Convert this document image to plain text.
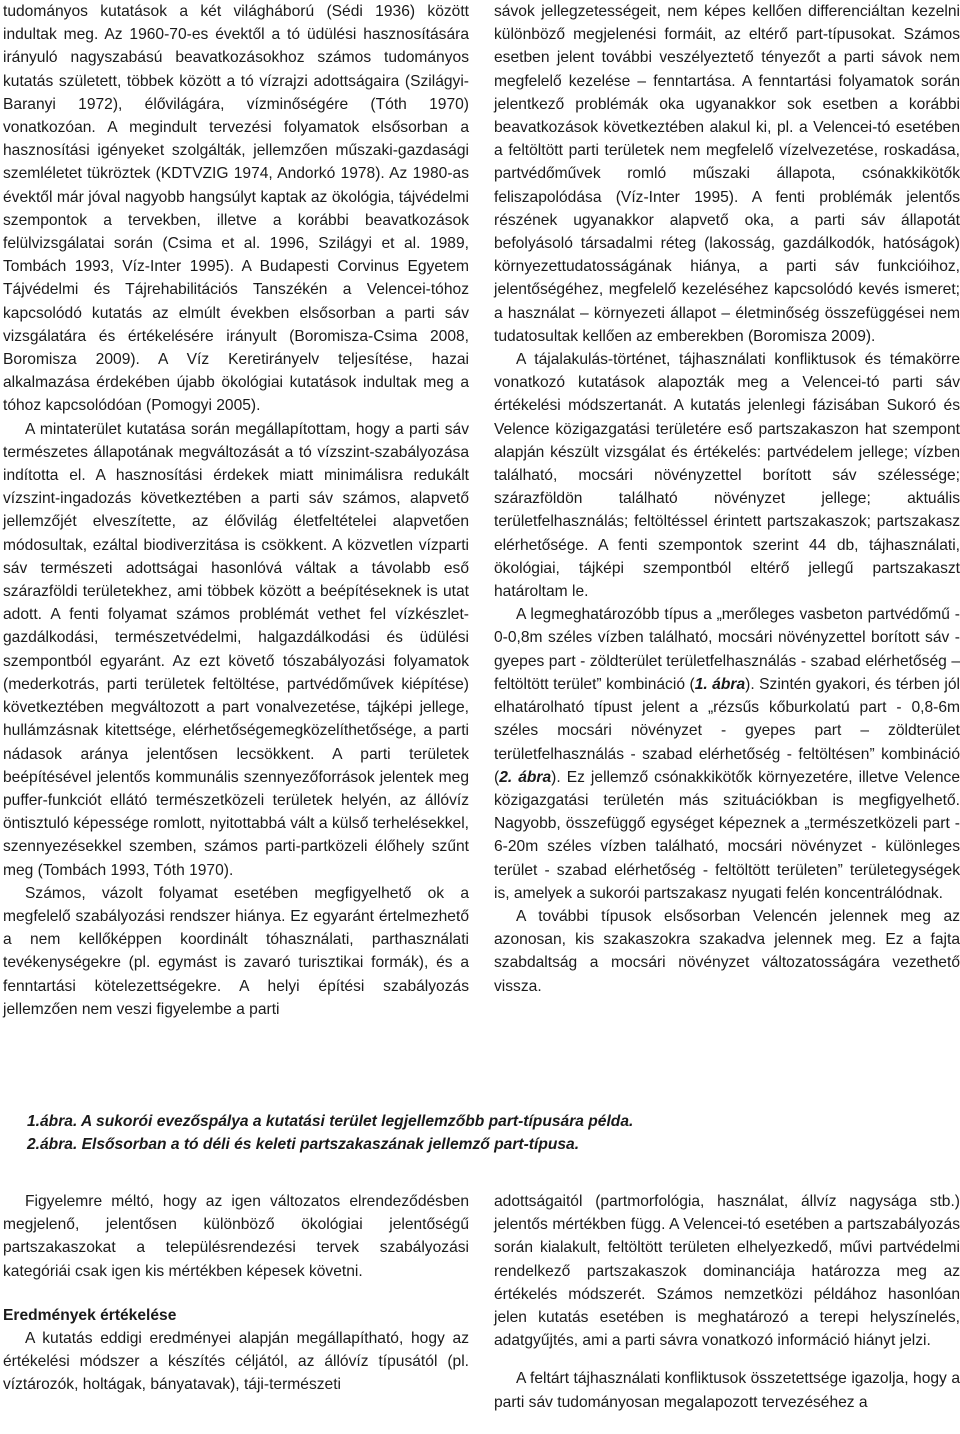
tudományos kutatások a két világháború (Sédi 1936) között indultak meg. Az 1960-70-es évektől a tó üdülési hasznosítására irányuló nagyszabású beavatkozásokhoz számos tudományos kutatás született, többek között a tó vízrajzi adottságaira (Szilágyi-Baranyi 1972), élővilágára, vízminőségére (Tóth 1970) vonatkozóan. A megindult tervezési folyamatok elsősorban a hasznosítási igényeket szolgálták, jellemzően műszaki-gazdasági szemléletet tükröztek (KDTVZIG 1974, Andorkó 1978). Az 1980-as évektől már jóval nagyobb hangsúlyt kaptak az ökológia, tájvédelmi szempontok a tervekben, illetve a korábbi beavatkozások felülvizsgálatai során (Csima et al. 1996, Szilágyi et al. 1989, Tombách 1993, Víz-Inter 1995). A Budapesti Corvinus Egyetem Tájvédelmi és Tájrehabilitációs Tanszékén a Velencei-tóhoz kapcsolódó kutatás az elmúlt években elsősorban a parti sáv vizsgálatára és értékelésére irányult (Boromisza-Csima 2008, Boromisza 2009). A Víz Keretirányelv teljesítése, hazai alkalmazása érdekében újabb ökológiai kutatások indultak meg a tóhoz kapcsolódóan (Pomogyi 2005).

A mintaterület kutatása során megállapítottam, hogy a parti sáv természetes állapotának megváltozását a tó vízszint-szabályozása indította el. A hasznosítási érdekek miatt minimálisra redukált vízszint-ingadozás következtében a parti sáv számos, alapvető jellemzőjét elveszítette, az élővilág életfeltételei alapvetően módosultak, ezáltal biodiverzitása is csökkent. A közvetlen vízparti sáv természeti adottságai hasonlóvá váltak a távolabb eső szárazföldi területekhez, ami többek között a beépítéseknek is utat adott. A fenti folyamat számos problémát vethet fel vízkészlet-gazdálkodási, természetvédelmi, halgazdálkodási és üdülési szempontból egyaránt. Az ezt követő tószabályozási folyamatok (mederkotrás, parti területek feltöltése, partvédőművek kiépítése) következtében megváltozott a part vonalvezetése, tájképi jellege, hullámzásnak kitettsége, elérhetőségemegközelíthetősége, a parti nádasok aránya jelentősen lecsökkent. A parti területek beépítésével jelentős kommunális szennyezőforrások jelentek meg puffer-funkciót ellátó természetközeli területek helyén, az állóvíz öntisztuló képessége romlott, nyitottabbá vált a külső terhelésekkel, szennyezésekkel szemben, számos parti-partközeli élőhely szűnt meg (Tombách 1993, Tóth 1970).

Számos, vázolt folyamat esetében megfigyelhető ok a megfelelő szabályozási rendszer hiánya. Ez egyaránt értelmezhető a nem kellőképpen koordinált tóhasználati, parthasználati tevékenységekre (pl. egymást is zavaró turisztikai formák), és a fenntartási kötelezettségekre. A helyi építési szabályozás jellemzően nem veszi figyelembe a parti

sávok jellegzetességeit, nem képes kellően differenciáltan kezelni különböző megjelenési formáit, az eltérő part-típusokat. Számos esetben jelent további veszélyeztető tényezőt a parti sávok nem megfelelő kezelése – fenntartása. A fenntartási folyamatok során jelentkező problémák oka ugyanakkor sok esetben a korábbi beavatkozások következtében alakul ki, pl. a Velencei-tó esetében a feltöltött parti területek nem megfelelő vízelvezetése, roskadása, partvédőművek romló műszaki állapota, csónakkikötők feliszapolódása (Víz-Inter 1995). A fenti problémák jelentős részének ugyanakkor alapvető oka, a parti sáv állapotát befolyásoló társadalmi réteg (lakosság, gazdálkodók, hatóságok) környezettudatosságának hiánya, a parti sáv funkcióihoz, jelentőségéhez, megfelelő kezeléséhez kapcsolódó kevés ismeret; a használat – környezeti állapot – életminőség összefüggései nem tudatosultak kellően az emberekben (Boromisza 2009).

A tájalakulás-történet, tájhasználati konfliktusok és témakörre vonatkozó kutatások alapozták meg a Velencei-tó parti sáv értékelési módszertanát. A kutatás jelenlegi fázisában Sukoró és Velence közigazgatási területére eső partszakaszon hat szempont alapján készült vizsgálat és értékelés: partvédelem jellege; vízben található, mocsári növényzettel borított sáv szélessége; szárazföldön található növényzet jellege; aktuális területfelhasználás; feltöltéssel érintett partszakaszok; partszakasz elérhetősége. A fenti szempontok szerint 44 db, tájhasználati, ökológiai, tájképi szempontból eltérő jellegű partszakaszt határoltam le.

A legmeghatározóbb típus a „merőleges vasbeton partvédőmű - 0-0,8m széles vízben található, mocsári növényzettel borított sáv - gyepes part - zöldterület területfelhasználás - szabad elérhetőség – feltöltött terület” kombináció (1. ábra). Szintén gyakori, és térben jól elhatárolható típust jelent a „rézsűs kőburkolatú part - 0,8-6m széles mocsári növényzet - gyepes part – zöldterület területfelhasználás - szabad elérhetőség - feltöltésen” kombináció (2. ábra). Ez jellemző csónakkikötők környezetére, illetve Velence közigazgatási területén más szituációkban is megfigyelhető. Nagyobb, összefüggő egységet képeznek a „természetközeli part - 6-20m széles vízben található, mocsári növényzet - különleges terület - szabad elérhetőség - feltöltött területen” területegységek is, amelyek a sukorói partszakasz nyugati felén koncentrálódnak.

A további típusok elsősorban Velencén jelennek meg az azonosan, kis szakaszokra szakadva jelennek meg. Ez a fajta szabdaltság a mocsári növényzet változatosságára vezethető vissza.

1.ábra. A sukorói evezőspálya a kutatási terület legjellemzőbb part-típusára példa.
2.ábra. Elsősorban a tó déli és keleti partszakaszának jellemző part-típusa.

Figyelemre méltó, hogy az igen változatos elrendeződésben megjelenő, jelentősen különböző ökológiai jelentőségű partszakaszokat a településrendezési tervek szabályozási kategóriái csak igen kis mértékben képesek követni.

Eredmények értékelése

A kutatás eddigi eredményei alapján megállapítható, hogy az értékelési módszer a készítés céljától, az állóvíz típusától (pl. víztározók, holtágak, bányatavak), táji-természeti

adottságaitól (partmorfológia, használat, állvíz nagysága stb.) jelentős mértékben függ. A Velencei-tó esetében a partszabályozás során kialakult, feltöltött területen elhelyezkedő, művi partvédelmi rendelkező partszakaszok dominanciája határozza meg az értékelés módszerét. Számos nemzetközi példához hasonlóan jelen kutatás esetében is meghatározó a terepi helyszínelés, adatgyűjtés, ami a parti sávra vonatkozó információ hiányt jelzi.

A feltárt tájhasználati konfliktusok összetettsége igazolja, hogy a parti sáv tudományosan megalapozott tervezéséhez a
